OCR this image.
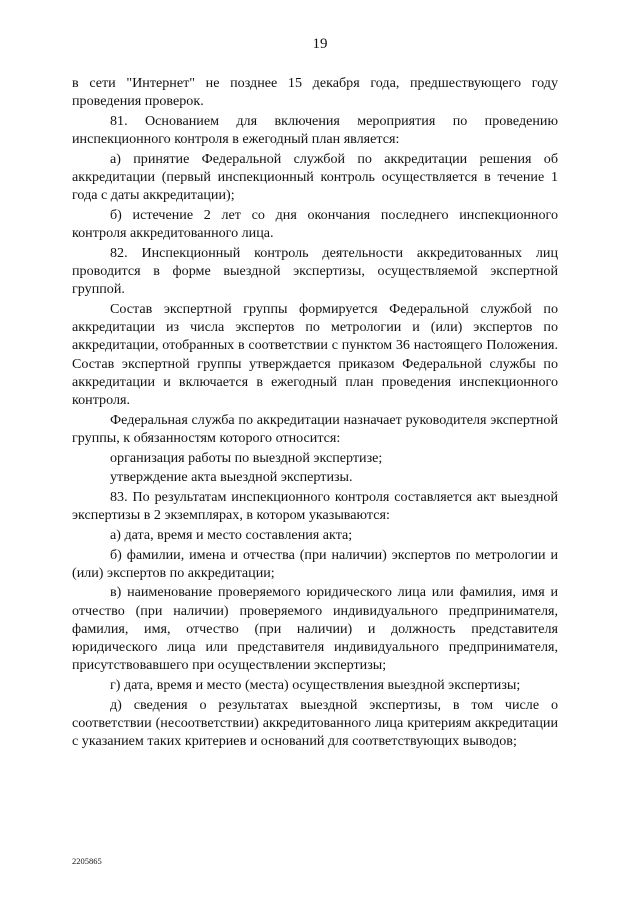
19

в сети "Интернет" не позднее 15 декабря года, предшествующего году проведения проверок.

81. Основанием для включения мероприятия по проведению инспекционного контроля в ежегодный план является:

а) принятие Федеральной службой по аккредитации решения об аккредитации (первый инспекционный контроль осуществляется в течение 1 года с даты аккредитации);

б) истечение 2 лет со дня окончания последнего инспекционного контроля аккредитованного лица.

82. Инспекционный контроль деятельности аккредитованных лиц проводится в форме выездной экспертизы, осуществляемой экспертной группой.

Состав экспертной группы формируется Федеральной службой по аккредитации из числа экспертов по метрологии и (или) экспертов по аккредитации, отобранных в соответствии с пунктом 36 настоящего Положения. Состав экспертной группы утверждается приказом Федеральной службы по аккредитации и включается в ежегодный план проведения инспекционного контроля.

Федеральная служба по аккредитации назначает руководителя экспертной группы, к обязанностям которого относится:

организация работы по выездной экспертизе;

утверждение акта выездной экспертизы.

83. По результатам инспекционного контроля составляется акт выездной экспертизы в 2 экземплярах, в котором указываются:

а) дата, время и место составления акта;

б) фамилии, имена и отчества (при наличии) экспертов по метрологии и (или) экспертов по аккредитации;

в) наименование проверяемого юридического лица или фамилия, имя и отчество (при наличии) проверяемого индивидуального предпринимателя, фамилия, имя, отчество (при наличии) и должность представителя юридического лица или представителя индивидуального предпринимателя, присутствовавшего при осуществлении экспертизы;

г) дата, время и место (места) осуществления выездной экспертизы;

д) сведения о результатах выездной экспертизы, в том числе о соответствии (несоответствии) аккредитованного лица критериям аккредитации с указанием таких критериев и оснований для соответствующих выводов;

2205865
